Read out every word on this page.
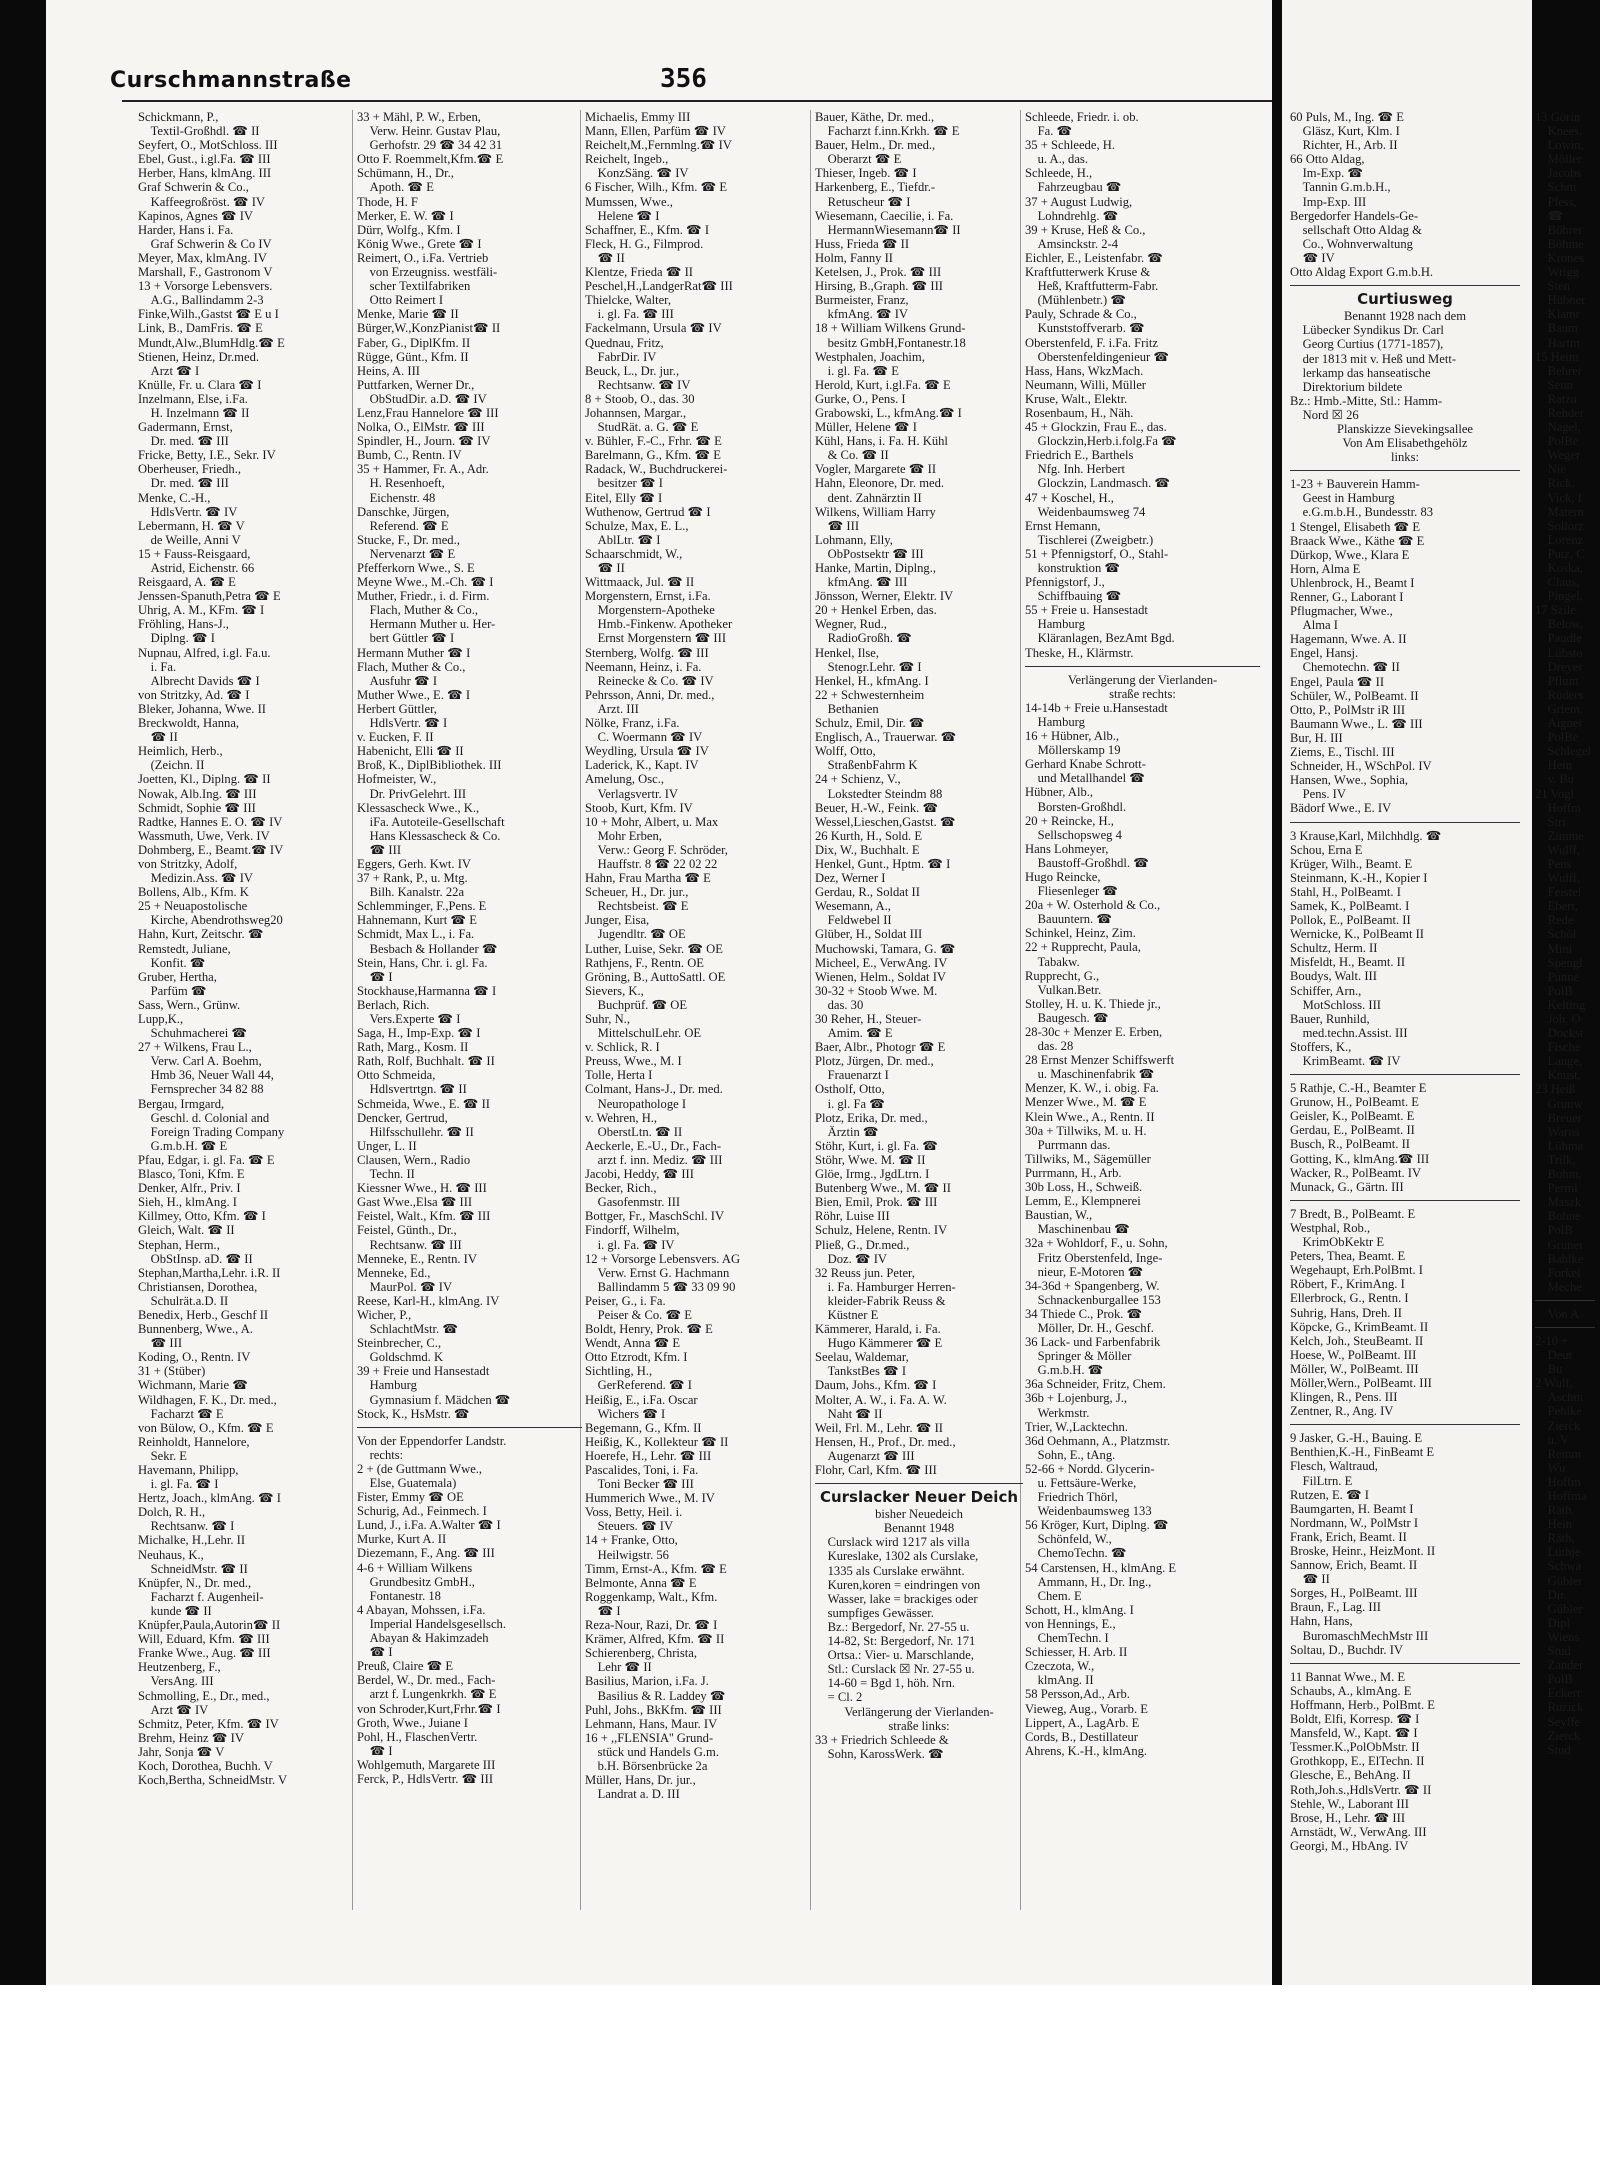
Curschmannstraße	356
Schickmann, P.,
 Textil-Großhdl. ☎ II
Seyfert, O., MotSchloss. III
Ebel, Gust., i.gl.Fa. ☎ III
Herber, Hans, klmAng. III
Graf Schwerin & Co.,
 Kaffeegroßröst. ☎ IV
Kapinos, Agnes ☎ IV
Harder, Hans i. Fa.
 Graf Schwerin & Co IV
Meyer, Max, klmAng. IV
Marshall, F., Gastronom V
13 + Vorsorge Lebensvers.
 A.G., Ballindamm 2-3
Finke,Wilh.,Gastst ☎ E u I
Link, B., DamFris. ☎ E
Mundt,Alw.,BlumHdlg.☎ E
Stienen, Heinz, Dr.med.
 Arzt ☎ I
Knülle, Fr. u. Clara ☎ I
Inzelmann, Else, i.Fa.
 H. Inzelmann ☎ II
Gadermann, Ernst,
 Dr. med. ☎ III
Fricke, Betty, I.E., Sekr. IV
Oberheuser, Friedh.,
 Dr. med. ☎ III
Menke, C.-H.,
 HdlsVertr. ☎ IV
Lebermann, H. ☎ V
 de Weille, Anni V
15 + Fauss-Reisgaard,
 Astrid, Eichenstr. 66
Reisgaard, A. ☎ E
Jenssen-Spanuth,Petra ☎ E
Uhrig, A. M., KFm. ☎ I
Fröhling, Hans-J.,
 Diplng. ☎ I
Nupnau, Alfred, i.gl. Fa.u.
 i. Fa.
 Albrecht Davids ☎ I
von Stritzky, Ad. ☎ I
Bleker, Johanna, Wwe. II
Breckwoldt, Hanna,
 ☎ II
Heimlich, Herb.,
 (Zeichn. II
Joetten, Kl., Diplng. ☎ II
Nowak, Alb.Ing. ☎ III
Schmidt, Sophie ☎ III
Radtke, Hannes E. O. ☎ IV
Wassmuth, Uwe, Verk. IV
Dohmberg, E., Beamt.☎ IV
von Stritzky, Adolf,
 Medizin.Ass. ☎ IV
Bollens, Alb., Kfm. K
25 + Neuapostolische
 Kirche, Abendrothsweg20
Hahn, Kurt, Zeitschr. ☎
Remstedt, Juliane,
 Konfit. ☎
Gruber, Hertha,
 Parfüm ☎
Sass, Wern., Grünw.
Lupp,K.,
 Schuhmacherei ☎
27 + Wilkens, Frau L.,
 Verw. Carl A. Boehm,
 Hmb 36, Neuer Wall 44,
 Fernsprecher 34 82 88
Bergau, Irmgard,
 Geschl. d. Colonial and
 Foreign Trading Company
 G.m.b.H. ☎ E
Pfau, Edgar, i. gl. Fa. ☎ E
Blasco, Toni, Kfm. E
Denker, Alfr., Priv. I
Sieh, H., klmAng. I
Killmey, Otto, Kfm. ☎ I
Gleich, Walt. ☎ II
Stephan, Herm.,
 ObStInsp. aD. ☎ II
Stephan,Martha,Lehr. i.R. II
Christiansen, Dorothea,
 Schulrät.a.D. II
Benedix, Herb., Geschf II
Bunnenberg, Wwe., A.
 ☎ III
Koding, O., Rentn. IV
31 + (Stüber)
Wichmann, Marie ☎
Wildhagen, F. K., Dr. med.,
 Facharzt ☎ E
von Bülow, O., Kfm. ☎ E
Reinholdt, Hannelore,
 Sekr. E
Havemann, Philipp,
 i. gl. Fa. ☎ I
Hertz, Joach., klmAng. ☎ I
Dolch, R. H.,
 Rechtsanw. ☎ I
Michalke, H.,Lehr. II
Neuhaus, K.,
 SchneidMstr. ☎ II
Knüpfer, N., Dr. med.,
 Facharzt f. Augenheil-
 kunde ☎ II
Knüpfer,Paula,Autorin☎ II
Will, Eduard, Kfm. ☎ III
Franke Wwe., Aug. ☎ III
Heutzenberg, F.,
 VersAng. III
Schmolling, E., Dr., med.,
 Arzt ☎ IV
Schmitz, Peter, Kfm. ☎ IV
Brehm, Heinz ☎ IV
Jahr, Sonja ☎ V
Koch, Dorothea, Buchh. V
Koch,Bertha, SchneidMstr. V
33 + Mähl, P. W., Erben,
 Verw. Heinr. Gustav Plau,
 Gerhofstr. 29 ☎ 34 42 31
Otto F. Roemmelt,Kfm.☎ E
Schümann, H., Dr.,
 Apoth. ☎ E
Thode, H. F
Merker, E. W. ☎ I
Dürr, Wolfg., Kfm. I
König Wwe., Grete ☎ I
Reimert, O., i.Fa. Vertrieb
 von Erzeugniss. westfäli-
 scher Textilfabriken
 Otto Reimert I
Menke, Marie ☎ II
Bürger,W.,KonzPianist☎ II
Faber, G., DiplKfm. II
Rügge, Günt., Kfm. II
Heins, A. III
Puttfarken, Werner Dr.,
 ObStudDir. a.D. ☎ IV
Lenz,Frau Hannelore ☎ III
Nolka, O., ElMstr. ☎ III
Spindler, H., Journ. ☎ IV
Bumb, C., Rentn. IV
35 + Hammer, Fr. A., Adr.
 H. Resenhoeft,
 Eichenstr. 48
Danschke, Jürgen,
 Referend. ☎ E
Stucke, F., Dr. med.,
 Nervenarzt ☎ E
Pfefferkorn Wwe., S. E
Meyne Wwe., M.-Ch. ☎ I
Muther, Friedr., i. d. Firm.
 Flach, Muther & Co.,
 Hermann Muther u. Her-
 bert Güttler ☎ I
Hermann Muther ☎ I
Flach, Muther & Co.,
 Ausfuhr ☎ I
Muther Wwe., E. ☎ I
Herbert Güttler,
 HdlsVertr. ☎ I
v. Eucken, F. II
Habenicht, Elli ☎ II
Broß, K., DiplBibliothek. III
Hofmeister, W.,
 Dr. PrivGelehrt. III
Klessascheck Wwe., K.,
 iFa. Autoteile-Gesellschaft
 Hans Klessascheck & Co.
 ☎ III
Eggers, Gerh. Kwt. IV
37 + Rank, P., u. Mtg.
 Bilh. Kanalstr. 22a
Schlemminger, F.,Pens. E
Hahnemann, Kurt ☎ E
Schmidt, Max L., i. Fa.
 Besbach & Hollander ☎
Stein, Hans, Chr. i. gl. Fa.
 ☎ I
Stockhause,Harmanna ☎ I
Berlach, Rich.
 Vers.Experte ☎ I
Saga, H., Imp-Exp. ☎ I
Rath, Marg., Kosm. II
Rath, Rolf, Buchhalt. ☎ II
Otto Schmeida,
 Hdlsvertrtgn. ☎ II
Schmeida, Wwe., E. ☎ II
Dencker, Gertrud,
 Hilfsschullehr. ☎ II
Unger, L. II
Clausen, Wern., Radio
 Techn. II
Kiessner Wwe., H. ☎ III
Gast Wwe.,Elsa ☎ III
Feistel, Walt., Kfm. ☎ III
Feistel, Günth., Dr.,
 Rechtsanw. ☎ III
Menneke, E., Rentn. IV
Menneke, Ed.,
 MaurPol. ☎ IV
Reese, Karl-H., klmAng. IV
Wicher, P.,
 SchlachtMstr. ☎
Steinbrecher, C.,
 Goldschmd. K
39 + Freie und Hansestadt
 Hamburg
 Gymnasium f. Mädchen ☎
Stock, K., HsMstr. ☎
Von der Eppendorfer Landstr.
 rechts:
2 + (de Guttmann Wwe.,
 Else, Guatemala)
Fister, Emmy ☎ OE
Schurig, Ad., Feinmech. I
Lund, J., i.Fa. A.Walter ☎ I
Murke, Kurt A. II
Diezemann, F., Ang. ☎ III
4-6 + William Wilkens
 Grundbesitz GmbH.,
 Fontanestr. 18
4 Abayan, Mohssen, i.Fa.
 Imperial Handelsgesellsch.
 Abayan & Hakimzadeh
 ☎ I
Preuß, Claire ☎ E
Berdel, W., Dr. med., Fach-
 arzt f. Lungenkrkh. ☎ E
von Schroder,Kurt,Frhr.☎ I
Groth, Wwe., Juiane I
Pohl, H., FlaschenVertr.
 ☎ I
Wohlgemuth, Margarete III
Ferck, P., HdlsVertr. ☎ III
Michaelis, Emmy III
Mann, Ellen, Parfüm ☎ IV
Reichelt,M.,Fernmlng.☎ IV
Reichelt, Ingeb.,
 KonzSäng. ☎ IV
6 Fischer, Wilh., Kfm. ☎ E
Mumssen, Wwe.,
 Helene ☎ I
Schaffner, E., Kfm. ☎ I
Fleck, H. G., Filmprod.
 ☎ II
Klentze, Frieda ☎ II
Peschel,H.,LandgerRat☎ III
Thielcke, Walter,
 i. gl. Fa. ☎ III
Fackelmann, Ursula ☎ IV
Quednau, Fritz,
 FabrDir. IV
Beuck, L., Dr. jur.,
 Rechtsanw. ☎ IV
8 + Stoob, O., das. 30
Johannsen, Margar.,
 StudRät. a. G. ☎ E
v. Bühler, F.-C., Frhr. ☎ E
Barelmann, G., Kfm. ☎ E
Radack, W., Buchdruckerei-
 besitzer ☎ I
Eitel, Elly ☎ I
Wuthenow, Gertrud ☎ I
Schulze, Max, E. L.,
 AblLtr. ☎ I
Schaarschmidt, W.,
 ☎ II
Wittmaack, Jul. ☎ II
Morgenstern, Ernst, i.Fa.
 Morgenstern-Apotheke
 Hmb.-Finkenw. Apotheker
 Ernst Morgenstern ☎ III
Sternberg, Wolfg. ☎ III
Neemann, Heinz, i. Fa.
 Reinecke & Co. ☎ IV
Pehrsson, Anni, Dr. med.,
 Arzt. III
Nölke, Franz, i.Fa.
 C. Woermann ☎ IV
Weydling, Ursula ☎ IV
Laderick, K., Kapt. IV
Amelung, Osc.,
 Verlagsvertr. IV
Stoob, Kurt, Kfm. IV
10 + Mohr, Albert, u. Max
 Mohr Erben,
 Verw.: Georg F. Schröder,
 Hauffstr. 8 ☎ 22 02 22
Hahn, Frau Martha ☎ E
Scheuer, H., Dr. jur.,
 Rechtsbeist. ☎ E
Junger, Eisa,
 Jugendltr. ☎ OE
Luther, Luise, Sekr. ☎ OE
Rathjens, F., Rentn. OE
Gröning, B., AuttoSattl. OE
Sievers, K.,
 Buchprüf. ☎ OE
Suhr, N.,
 MittelschulLehr. OE
v. Schlick, R. I
Preuss, Wwe., M. I
Tolle, Herta I
Colmant, Hans-J., Dr. med.
 Neuropathologe I
v. Wehren, H.,
 OberstLtn. ☎ II
Aeckerle, E.-U., Dr., Fach-
 arzt f. inn. Mediz. ☎ III
Jacobi, Heddy, ☎ III
Becker, Rich.,
 Gasofenmstr. III
Bottger, Fr., MaschSchl. IV
Findorff, Wilhelm,
 i. gl. Fa. ☎ IV
12 + Vorsorge Lebensvers. AG
 Verw. Ernst G. Hachmann
 Ballindamm 5 ☎ 33 09 90
Peiser, G., i. Fa.
 Peiser & Co. ☎ E
Boldt, Henry, Prok. ☎ E
Wendt, Anna ☎ E
Otto Etzrodt, Kfm. I
Sichtling, H.,
 GerReferend. ☎ I
Heißig, E., i.Fa. Oscar
 Wichers ☎ I
Begemann, G., Kfm. II
Heißig, K., Kollekteur ☎ II
Hoerefe, H., Lehr. ☎ III
Pascalides, Toni, i. Fa.
 Toni Becker ☎ III
Hummerich Wwe., M. IV
Voss, Betty, Heil. i.
 Steuers. ☎ IV
14 + Franke, Otto,
 Heilwigstr. 56
Timm, Ernst-A., Kfm. ☎ E
Belmonte, Anna ☎ E
Roggenkamp, Walt., Kfm.
 ☎ I
Reza-Nour, Razi, Dr. ☎ I
Krämer, Alfred, Kfm. ☎ II
Schierenberg, Christa,
 Lehr ☎ II
Basilius, Marion, i.Fa. J.
 Basilius & R. Laddey ☎
Puhl, Johs., BkKfm. ☎ III
Lehmann, Hans, Maur. IV
16 + ,,FLENSIA'' Grund-
 stück und Handels G.m.
 b.H. Börsenbrücke 2a
Müller, Hans, Dr. jur.,
 Landrat a. D. III
Bauer, Käthe, Dr. med.,
 Facharzt f.inn.Krkh. ☎ E
Bauer, Helm., Dr. med.,
 Oberarzt ☎ E
Thieser, Ingeb. ☎ I
Harkenberg, E., Tiefdr.-
 Retuscheur ☎ I
Wiesemann, Caecilie, i. Fa.
 HermannWiesemann☎ II
Huss, Frieda ☎ II
Holm, Fanny II
Ketelsen, J., Prok. ☎ III
Hirsing, B.,Graph. ☎ III
Burmeister, Franz,
 kfmAng. ☎ IV
18 + William Wilkens Grund-
 besitz GmbH,Fontanestr.18
Westphalen, Joachim,
 i. gl. Fa. ☎ E
Herold, Kurt, i.gl.Fa. ☎ E
Gurke, O., Pens. I
Grabowski, L., kfmAng.☎ I
Müller, Helene ☎ I
Kühl, Hans, i. Fa. H. Kühl
 & Co. ☎ II
Vogler, Margarete ☎ II
Hahn, Eleonore, Dr. med.
 dent. Zahnärztin II
Wilkens, William Harry
 ☎ III
Lohmann, Elly,
 ObPostsektr ☎ III
Hanke, Martin, Diplng.,
 kfmAng. ☎ III
Jönsson, Werner, Elektr. IV
20 + Henkel Erben, das.
Wegner, Rud.,
 RadioGroßh. ☎
Henkel, Ilse,
 Stenogr.Lehr. ☎ I
Henkel, H., kfmAng. I
22 + Schwesternheim
 Bethanien
Schulz, Emil, Dir. ☎
Englisch, A., Trauerwar. ☎
Wolff, Otto,
 StraßenbFahrm K
24 + Schienz, V.,
 Lokstedter Steindm 88
Beuer, H.-W., Feink. ☎
Wessel,Lieschen,Gastst. ☎
26 Kurth, H., Sold. E
Dix, W., Buchhalt. E
Henkel, Gunt., Hptm. ☎ I
Dez, Werner I
Gerdau, R., Soldat II
Wesemann, A.,
 Feldwebel II
Glüber, H., Soldat III
Muchowski, Tamara, G. ☎
Micheel, E., VerwAng. IV
Wienen, Helm., Soldat IV
30-32 + Stoob Wwe. M.
 das. 30
30 Reher, H., Steuer-
 Amim. ☎ E
Baer, Albr., Photogr ☎ E
Plotz, Jürgen, Dr. med.,
 Frauenarzt I
Ostholf, Otto,
 i. gl. Fa ☎
Plotz, Erika, Dr. med.,
 Ärztin ☎
Stöhr, Kurt, i. gl. Fa. ☎
Stöhr, Wwe. M. ☎ II
Glöe, Irmg., JgdLtrn. I
Butenberg Wwe., M. ☎ II
Bien, Emil, Prok. ☎ III
Röhr, Luise III
Schulz, Helene, Rentn. IV
Pließ, G., Dr.med.,
 Doz. ☎ IV
32 Reuss jun. Peter,
 i. Fa. Hamburger Herren-
 kleider-Fabrik Reuss &
 Küstner E
Kämmerer, Harald, i. Fa.
 Hugo Kämmerer ☎ E
Seelau, Waldemar,
 TankstBes ☎ I
Daum, Johs., Kfm. ☎ I
Molter, A. W., i. Fa. A. W.
 Naht ☎ II
Weil, Frl. M., Lehr. ☎ II
Hensen, H., Prof., Dr. med.,
 Augenarzt ☎ III
Flohr, Carl, Kfm. ☎ III
Curslacker Neuer Deich
bisher Neuedeich
Benannt 1948
 Curslack wird 1217 als villa
 Kureslake, 1302 als Curslake,
 1335 als Curslake erwähnt.
 Kuren,koren = eindringen von
 Wasser, lake = brackiges oder
 sumpfiges Gewässer.
 Bz.: Bergedorf, Nr. 27-55 u.
 14-82, St: Bergedorf, Nr. 171
 Ortsa.: Vier- u. Marschlande,
 Stl.: Curslack ☒ Nr. 27-55 u.
 14-60 = Bgd 1, höh. Nrn.
 = Cl. 2
Verlängerung der Vierlanden-
straße links:
33 + Friedrich Schleede &
 Sohn, KarossWerk. ☎
Schleede, Friedr. i. ob.
 Fa. ☎
35 + Schleede, H.
 u. A., das.
Schleede, H.,
 Fahrzeugbau ☎
37 + August Ludwig,
 Lohndrehlg. ☎
39 + Kruse, Heß & Co.,
 Amsinckstr. 2-4
Eichler, E., Leistenfabr. ☎
Kraftfutterwerk Kruse &
 Heß, Kraftfutterm-Fabr.
 (Mühlenbetr.) ☎
Pauly, Schrade & Co.,
 Kunststoffverarb. ☎
Oberstenfeld, F. i.Fa. Fritz
 Oberstenfeldingenieur ☎
Hass, Hans, WkzMach.
Neumann, Willi, Müller
Kruse, Walt., Elektr.
Rosenbaum, H., Näh.
45 + Glockzin, Frau E., das.
 Glockzin,Herb.i.folg.Fa ☎
Friedrich E., Barthels
 Nfg. Inh. Herbert
 Glockzin, Landmasch. ☎
47 + Koschel, H.,
 Weidenbaumsweg 74
Ernst Hemann,
 Tischlerei (Zweigbetr.)
51 + Pfennigstorf, O., Stahl-
 konstruktion ☎
Pfennigstorf, J.,
 Schiffbauing ☎
55 + Freie u. Hansestadt
 Hamburg
 Kläranlagen, BezAmt Bgd.
Theske, H., Klärmstr.
Verlängerung der Vierlanden-
straße rechts:
14-14b + Freie u.Hansestadt
 Hamburg
16 + Hübner, Alb.,
 Möllerskamp 19
Gerhard Knabe Schrott-
 und Metallhandel ☎
Hübner, Alb.,
 Borsten-Großhdl.
20 + Reincke, H.,
 Sellschopsweg 4
Hans Lohmeyer,
 Baustoff-Großhdl. ☎
Hugo Reincke,
 Fliesenleger ☎
20a + W. Osterhold & Co.,
 Bauuntern. ☎
Schinkel, Heinz, Zim.
22 + Rupprecht, Paula,
 Tabakw.
Rupprecht, G.,
 Vulkan.Betr.
Stolley, H. u. K. Thiede jr.,
 Baugesch. ☎
28-30c + Menzer E. Erben,
 das. 28
28 Ernst Menzer Schiffswerft
 u. Maschinenfabrik ☎
Menzer, K. W., i. obig. Fa.
Menzer Wwe., M. ☎ E
Klein Wwe., A., Rentn. II
30a + Tillwiks, M. u. H.
 Purrmann das.
Tillwiks, M., Sägemüller
Purrmann, H., Arb.
30b Loss, H., Schweiß.
Lemm, E., Klempnerei
Baustian, W.,
 Maschinenbau ☎
32a + Wohldorf, F., u. Sohn,
 Fritz Oberstenfeld, Inge-
 nieur, E-Motoren ☎
34-36d + Spangenberg, W.
 Schnackenburgallee 153
34 Thiede C., Prok. ☎
 Möller, Dr. H., Geschf.
36 Lack- und Farbenfabrik
 Springer & Möller
 G.m.b.H. ☎
36a Schneider, Fritz, Chem.
36b + Lojenburg, J.,
 Werkmstr.
Trier, W.,Lacktechn.
36d Oehmann, A., Platzmstr.
 Sohn, E., tAng.
52-66 + Nordd. Glycerin-
 u. Fettsäure-Werke,
 Friedrich Thörl,
 Weidenbaumsweg 133
56 Kröger, Kurt, Diplng. ☎
 Schönfeld, W.,
 ChemoTechn. ☎
54 Carstensen, H., klmAng. E
 Ammann, H., Dr. Ing.,
 Chem. E
Schott, H., klmAng. I
von Hennings, E.,
 ChemTechn. I
Schiesser, H. Arb. II
Czeczota, W.,
 klmAng. II
58 Persson,Ad., Arb.
Vieweg, Aug., Vorarb. E
Lippert, A., LagArb. E
Cords, B., Destillateur
Ahrens, K.-H., klmAng.
60 Puls, M., Ing. ☎ E
 Gläsz, Kurt, Klm. I
 Richter, H., Arb. II
66 Otto Aldag,
 Im-Exp. ☎
 Tannin G.m.b.H.,
 Imp-Exp. III
Bergedorfer Handels-Ge-
 sellschaft Otto Aldag &
 Co., Wohnverwaltung
 ☎ IV
Otto Aldag Export G.m.b.H.
Curtiusweg
Benannt 1928 nach dem
 Lübecker Syndikus Dr. Carl
 Georg Curtius (1771-1857),
 der 1813 mit v. Heß und Mett-
 lerkamp das hanseatische
 Direktorium bildete
Bz.: Hmb.-Mitte, Stl.: Hamm-
 Nord ☒ 26
Planskizze Sievekingsallee
Von Am Elisabethgehölz
links:
1-23 + Bauverein Hamm-
 Geest in Hamburg
 e.G.m.b.H., Bundesstr. 83
1 Stengel, Elisabeth ☎ E
Braack Wwe., Käthe ☎ E
Dürkop, Wwe., Klara E
Horn, Alma E
Uhlenbrock, H., Beamt I
Renner, G., Laborant I
Pflugmacher, Wwe.,
 Alma I
Hagemann, Wwe. A. II
Engel, Hansj.
 Chemotechn. ☎ II
Engel, Paula ☎ II
Schüler, W., PolBeamt. II
Otto, P., PolMstr iR III
Baumann Wwe., L. ☎ III
Bur, H. III
Ziems, E., Tischl. III
Schneider, H., WSchPol. IV
Hansen, Wwe., Sophia,
 Pens. IV
Bädorf Wwe., E. IV
3 Krause,Karl, Milchhdlg. ☎
Schou, Erna E
Krüger, Wilh., Beamt. E
Steinmann, K.-H., Kopier I
Stahl, H., PolBeamt. I
Samek, K., PolBeamt. I
Pollok, E., PolBeamt. II
Wernicke, K., PolBeamt II
Schultz, Herm. II
Misfeldt, H., Beamt. II
Boudys, Walt. III
Schiffer, Arn.,
 MotSchloss. III
Bauer, Runhild,
 med.techn.Assist. III
Stoffers, K.,
 KrimBeamt. ☎ IV
5 Rathje, C.-H., Beamter E
Grunow, H., PolBeamt. E
Geisler, K., PolBeamt. E
Gerdau, E., PolBeamt. II
Busch, R., PolBeamt. II
Gotting, K., klmAng.☎ III
Wacker, R., PolBeamt. IV
Munack, G., Gärtn. III
7 Bredt, B., PolBeamt. E
Westphal, Rob.,
 KrimObKektr E
Peters, Thea, Beamt. E
Wegehaupt, Erh.PolBmt. I
Röbert, F., KrimAng. I
Ellerbrock, G., Rentn. I
Suhrig, Hans, Dreh. II
Köpcke, G., KrimBeamt. II
Kelch, Joh., SteuBeamt. II
Hoese, W., PolBeamt. III
Möller, W., PolBeamt. III
Möller,Wern., PolBeamt. III
Klingen, R., Pens. III
Zentner, R., Ang. IV
9 Jasker, G.-H., Bauing. E
Benthien,K.-H., FinBeamt E
Flesch, Waltraud,
 FilLtrn. E
Rutzen, E. ☎ I
Baumgarten, H. Beamt I
Nordmann, W., PolMstr I
Frank, Erich, Beamt. II
Broske, Heinr., HeizMont. II
Sannow, Erich, Beamt. II
 ☎ II
Sorges, H., PolBeamt. III
Braun, F., Lag. III
Hahn, Hans,
 BuromaschMechMstr III
Soltau, D., Buchdr. IV
11 Bannat Wwe., M. E
Schaubs, A., klmAng. E
Hoffmann, Herb., PolBmt. E
Boldt, Elfi, Korresp. ☎ I
Mansfeld, W., Kapt. ☎ I
Tessmer.K.,PolObMstr. II
Grothkopp, E., ElTechn. II
Glesche, E., BehAng. II
Roth,Joh.s.,HdlsVertr. ☎ II
Stehle, W., Laborant III
Brose, H., Lehr. ☎ III
Arnstädt, W., VerwAng. III
Georgi, M., HbAng. IV
13 Görin
 Knees,
 Lowin,
 Möller
 Jacobs
 Schm
 Pless,
 ☎
 Böhrer
 Böhme
 Krones
 Wrigg
 Sten
 Hübner
 Klamr
 Baum
 Hartm
15 Heim
 Behrer
 Senn
 Ratzu
 Rehder
 Nagel,
 PolBe
 Weger
 Nie
 Rick,
 Vick, I
 Matern
 Sollorz
 Lorenz
 Putz, C
 Koska,
 Claus,
 Pingel,
17 Szile
 Below,
 Paudle
 Lübsto
 Dreyer
 Pflum
 Rüders
 Griem,
 Aigner
 PolBe
 Schlegel
 Hein
 v. Bu
21 Vogl
 Hoffm
 Stri
 Zimme
 Wulff,
 Pens
 Wulff,
 Feistel
 Ebert,
 Rede
 Schöl
 Mini
 Spengl
 Punne
 PolB
 Kelting
 Joh, O
 Dockst
 Fische
 Lange,
 Knust,
23 Heiß
 Grunw
 Breuer
 Warns
 Lühma
 Trilk,
 Bohm,
 Permi
 Maszk
 Bohne
 PolB
 Gruner
 Bahlke
 Forkel
 Meche
 Von A
2-10 +
 Deut
 Bu
2 Wulf,
 Aschm
 Pehlke
 Zierck
 u. V
 Remm
 Wu
 Hoffm
 Hoffma
 Räth,
 Hein
 Räth,
 Lüthje
 Schwa
 Gübler
 Dir.
 Gübler
 Dipl
 Wiens
 Stud
 Zander
 PolB
 Eckert
 Ruzick
 Seyffe
 Zierck
 Stud
